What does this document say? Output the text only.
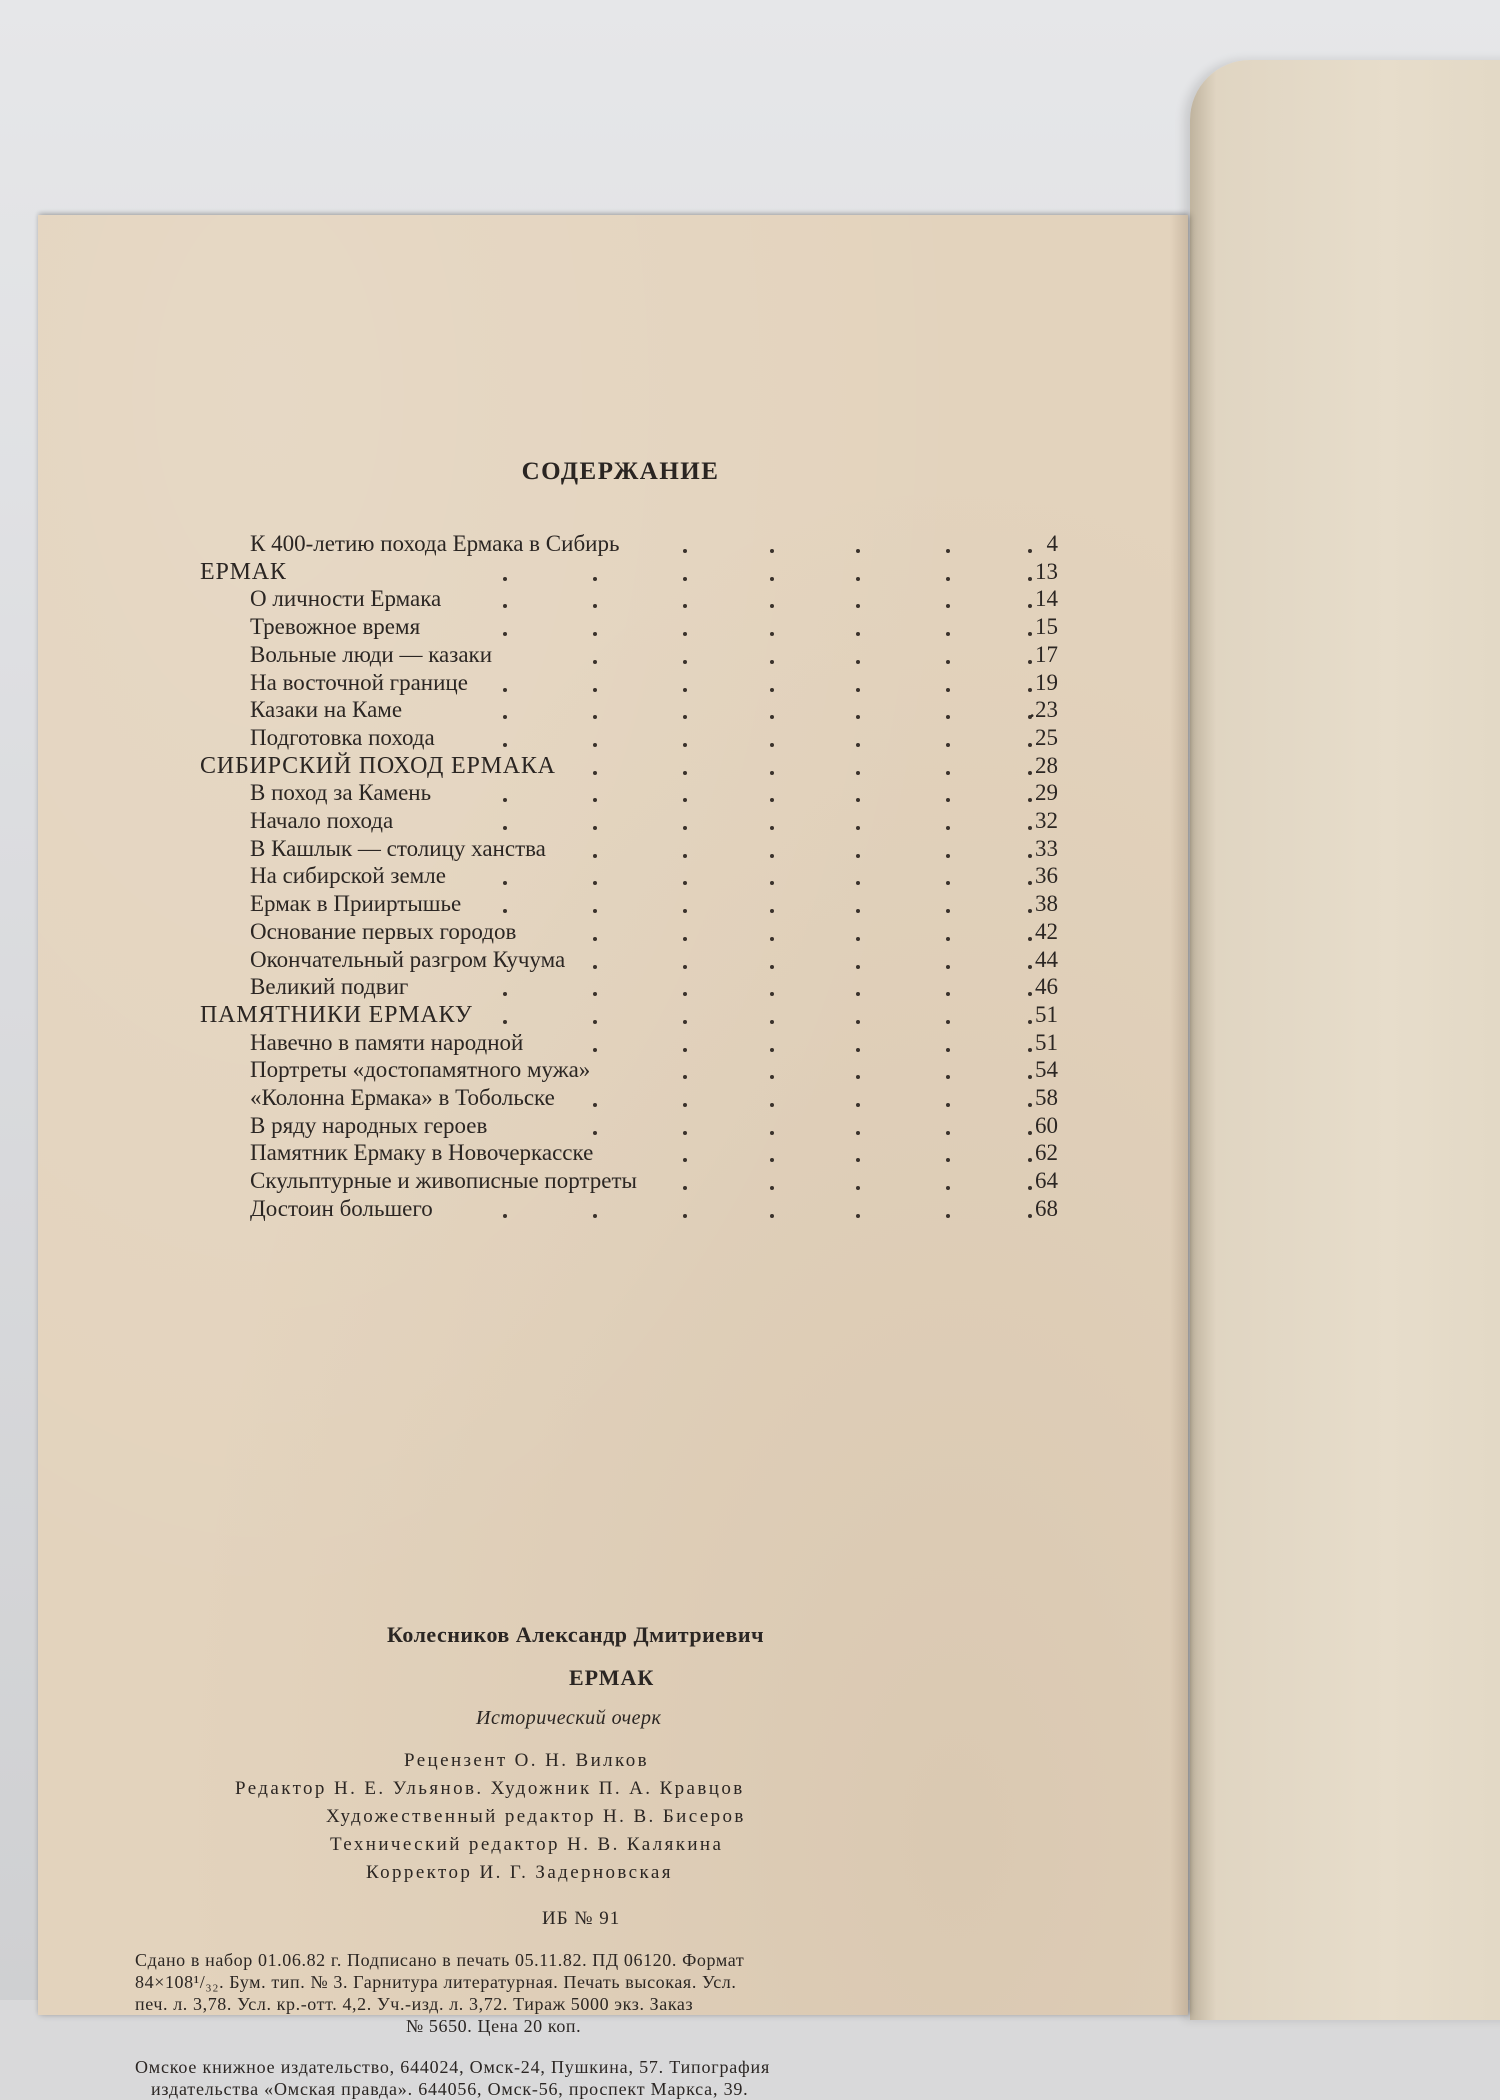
СОДЕРЖАНИЕ
К 400-летию похода Ермака в Сибирь	4
ЕРМАК	13
О личности Ермака	14
Тревожное время	15
Вольные люди — казаки	17
На восточной границе	19
Казаки на Каме	.23
Подготовка похода	25
СИБИРСКИЙ ПОХОД ЕРМАКА	28
В поход за Камень	29
Начало похода	32
В Кашлык — столицу ханства	33
На сибирской земле	36
Ермак в Прииртышье	38
Основание первых городов	42
Окончательный разгром Кучума	44
Великий подвиг	46
ПАМЯТНИКИ ЕРМАКУ	51
Навечно в памяти народной	51
Портреты «достопамятного мужа»	54
«Колонна Ермака» в Тобольске	58
В ряду народных героев	60
Памятник Ермаку в Новочеркасске	62
Скульптурные и живописные портреты	64
Достоин большего	68
Колесников Александр Дмитриевич
ЕРМАК
Исторический очерк
Рецензент О. Н. Вилков
Редактор Н. Е. Ульянов. Художник П. А. Кравцов
Художественный редактор Н. В. Бисеров
Технический редактор Н. В. Калякина
Корректор И. Г. Задерновская
ИБ № 91
Сдано в набор 01.06.82 г. Подписано в печать 05.11.82. ПД 06120. Формат
84×108¹/₃₂. Бум. тип. № 3. Гарнитура литературная. Печать высокая. Усл.
печ. л. 3,78. Усл. кр.-отт. 4,2. Уч.-изд. л. 3,72. Тираж 5000 экз. Заказ
№ 5650. Цена 20 коп.
Омское книжное издательство, 644024, Омск-24, Пушкина, 57. Типография
издательства «Омская правда». 644056, Омск-56, проспект Маркса, 39.
